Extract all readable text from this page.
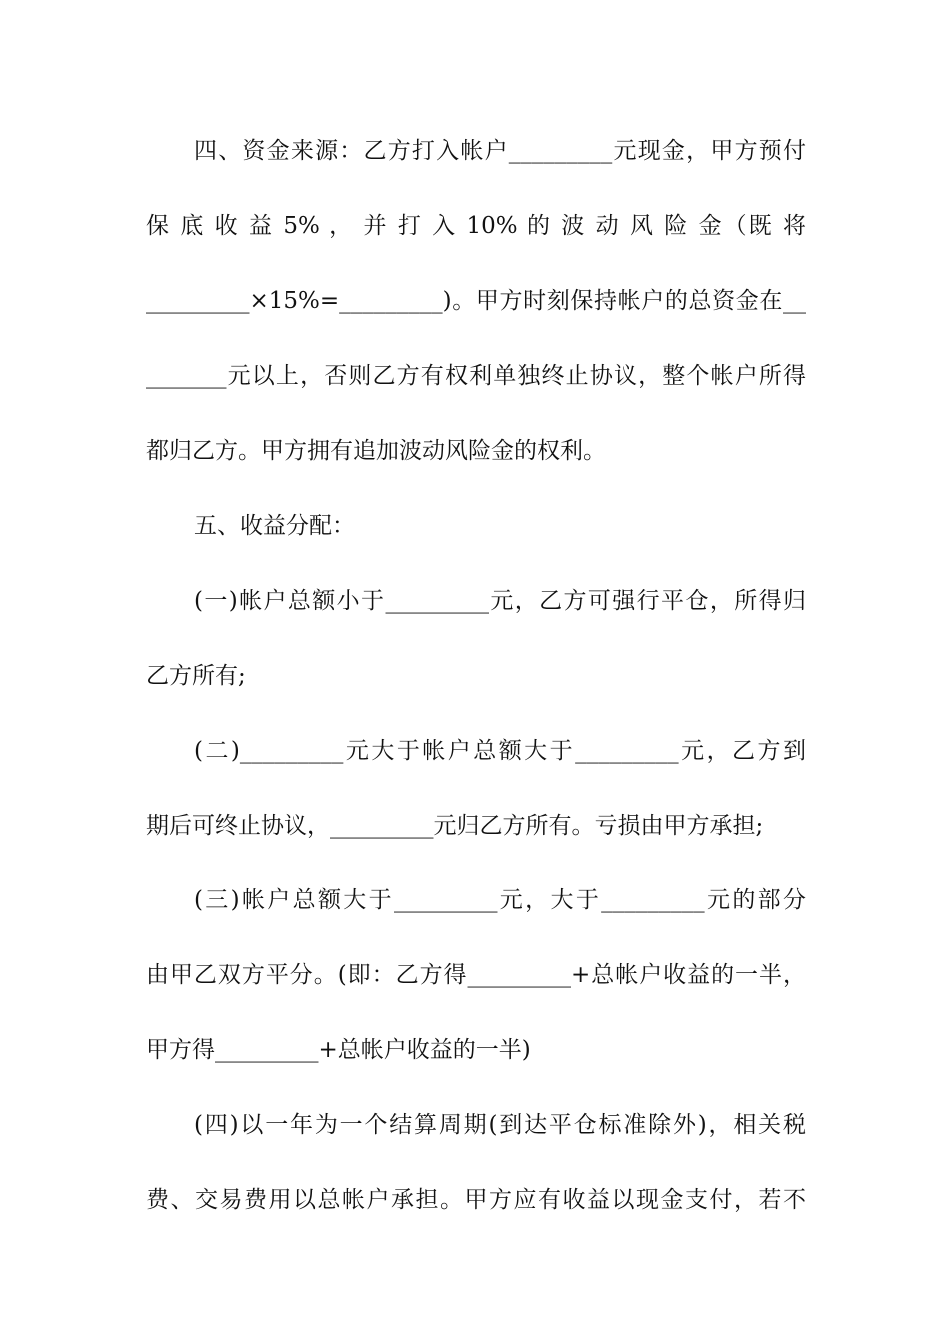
四、资金来源：乙方打入帐户_________元现金，甲方预付
保 底 收 益 5% ， 并 打 入 10% 的 波 动 风 险 金（既 将
_________×15%=_________)。甲方时刻保持帐户的总资金在__
_______元以上，否则乙方有权利单独终止协议，整个帐户所得
都归乙方。甲方拥有追加波动风险金的权利。
五、收益分配：
(一)帐户总额小于_________元，乙方可强行平仓，所得归
乙方所有;
(二)_________元大于帐户总额大于_________元，乙方到
期后可终止协议，_________元归乙方所有。亏损由甲方承担;
(三)帐户总额大于_________元，大于_________元的部分
由甲乙双方平分。(即：乙方得_________+总帐户收益的一半，
甲方得_________+总帐户收益的一半)
(四)以一年为一个结算周期(到达平仓标准除外)，相关税
费、交易费用以总帐户承担。甲方应有收益以现金支付，若不
